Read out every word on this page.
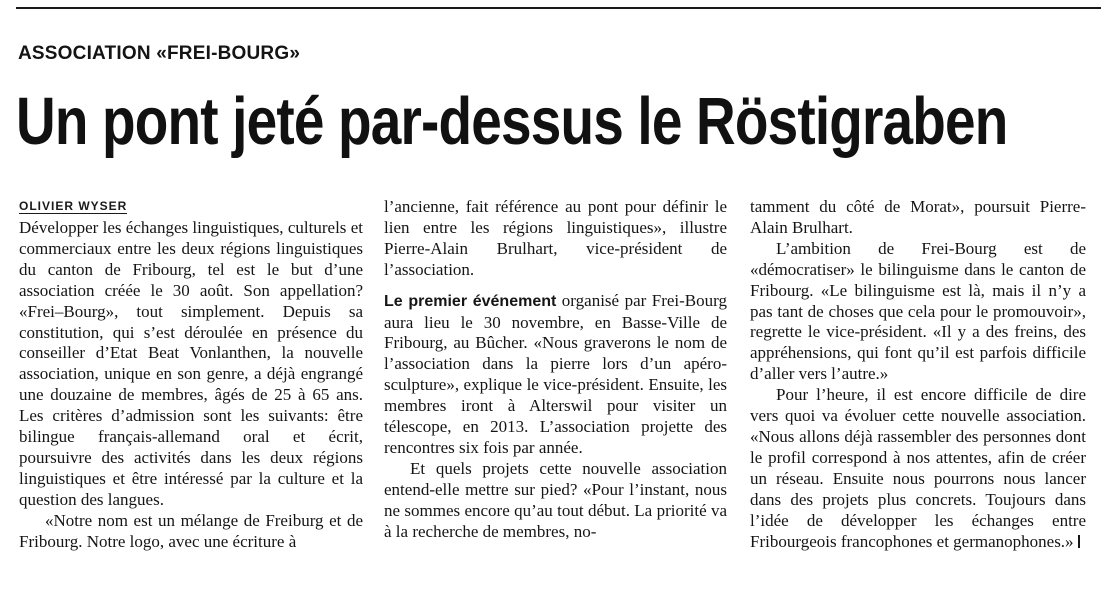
ASSOCIATION «FREI-BOURG»
Un pont jeté par-dessus le Röstigraben
OLIVIER WYSER

Développer les échanges linguistiques, culturels et commerciaux entre les deux régions linguistiques du canton de Fribourg, tel est le but d’une association créée le 30 août. Son appellation? «Frei–Bourg», tout simplement. Depuis sa constitution, qui s’est déroulée en présence du conseiller d’Etat Beat Vonlanthen, la nouvelle association, unique en son genre, a déjà engrangé une douzaine de membres, âgés de 25 à 65 ans. Les critères d’admission sont les suivants: être bilingue français-allemand oral et écrit, poursuivre des activités dans les deux régions linguistiques et être intéressé par la culture et la question des langues.

«Notre nom est un mélange de Freiburg et de Fribourg. Notre logo, avec une écriture à

l’ancienne, fait référence au pont pour définir le lien entre les régions linguistiques», illustre Pierre-Alain Brulhart, vice-président de l’association.

Le premier événement organisé par Frei-Bourg aura lieu le 30 novembre, en Basse-Ville de Fribourg, au Bûcher. «Nous graverons le nom de l’association dans la pierre lors d’un apéro-sculpture», explique le vice-président. Ensuite, les membres iront à Alterswil pour visiter un télescope, en 2013. L’association projette des rencontres six fois par année.

Et quels projets cette nouvelle association entend-elle mettre sur pied? «Pour l’instant, nous ne sommes encore qu’au tout début. La priorité va à la recherche de membres, no-

tamment du côté de Morat», poursuit Pierre-Alain Brulhart.

L’ambition de Frei-Bourg est de «démocratiser» le bilinguisme dans le canton de Fribourg. «Le bilinguisme est là, mais il n’y a pas tant de choses que cela pour le promouvoir», regrette le vice-président. «Il y a des freins, des appréhensions, qui font qu’il est parfois difficile d’aller vers l’autre.»

Pour l’heure, il est encore difficile de dire vers quoi va évoluer cette nouvelle association. «Nous allons déjà rassembler des personnes dont le profil correspond à nos attentes, afin de créer un réseau. Ensuite nous pourrons nous lancer dans des projets plus concrets. Toujours dans l’idée de développer les échanges entre Fribourgeois francophones et germanophones.»
